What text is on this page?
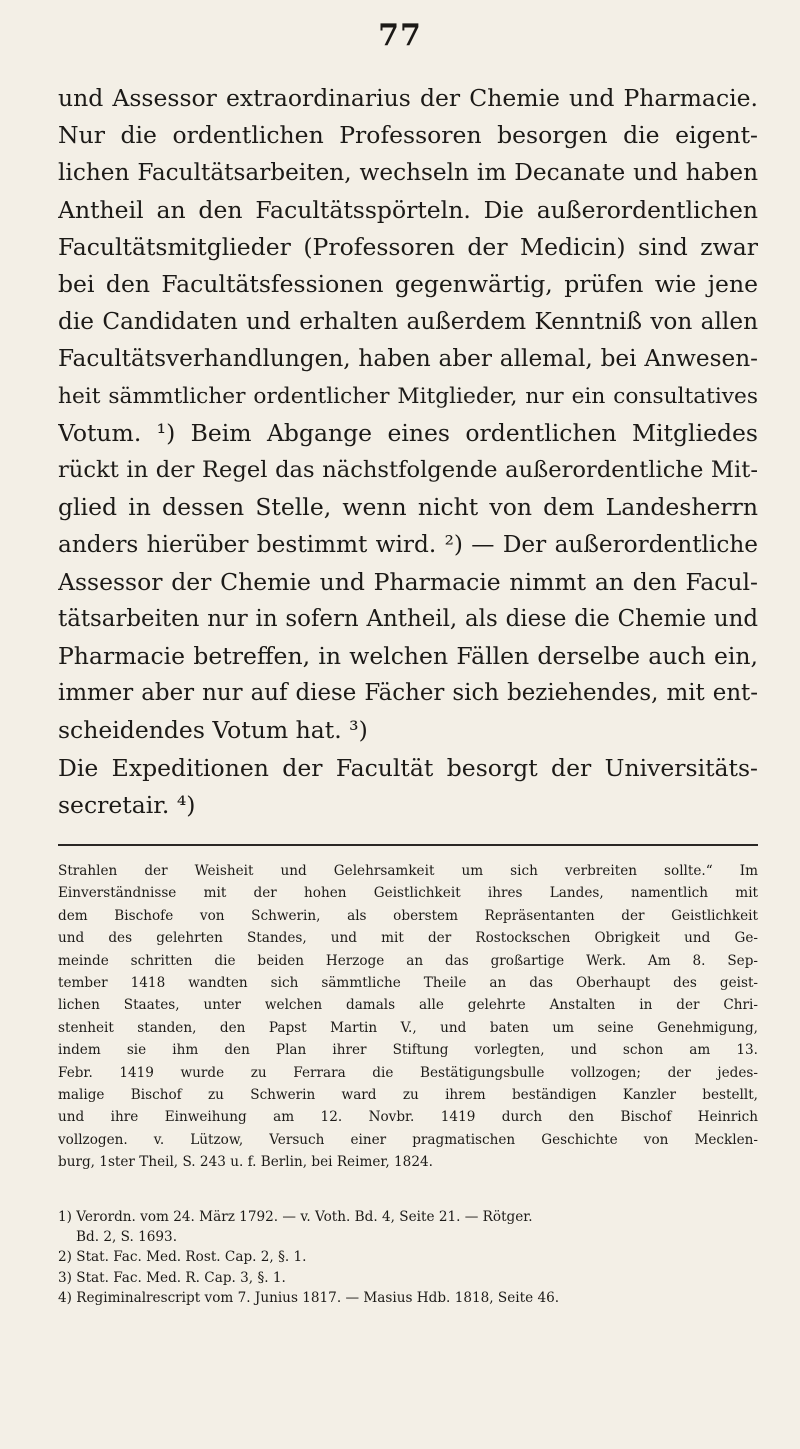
77
und Assessor extraordinarius der Chemie und Pharmacie.
Nur die ordentlichen Professoren besorgen die eigent-
lichen Facultätsarbeiten, wechseln im Decanate und haben
Antheil an den Facultätsspörteln. Die außerordentlichen
Facultätsmitglieder (Professoren der Medicin) sind zwar
bei den Facultätsfessionen gegenwärtig, prüfen wie jene
die Candidaten und erhalten außerdem Kenntniß von allen
Facultätsverhandlungen, haben aber allemal, bei Anwesen-
heit sämmtlicher ordentlicher Mitglieder, nur ein consultatives
Votum. ¹) Beim Abgange eines ordentlichen Mitgliedes
rückt in der Regel das nächstfolgende außerordentliche Mit-
glied in dessen Stelle, wenn nicht von dem Landesherrn
anders hierüber bestimmt wird. ²) — Der außerordentliche
Assessor der Chemie und Pharmacie nimmt an den Facul-
tätsarbeiten nur in sofern Antheil, als diese die Chemie und
Pharmacie betreffen, in welchen Fällen derselbe auch ein,
immer aber nur auf diese Fächer sich beziehendes, mit ent-
scheidendes Votum hat. ³)
Die Expeditionen der Facultät besorgt der Universitäts-
secretair. ⁴)
Strahlen der Weisheit und Gelehrsamkeit um sich verbreiten sollte.“ Im
Einverständnisse mit der hohen Geistlichkeit ihres Landes, namentlich mit
dem Bischofe von Schwerin, als oberstem Repräsentanten der Geistlichkeit
und des gelehrten Standes, und mit der Rostockschen Obrigkeit und Ge-
meinde schritten die beiden Herzoge an das großartige Werk. Am 8. Sep-
tember 1418 wandten sich sämmtliche Theile an das Oberhaupt des geist-
lichen Staates, unter welchen damals alle gelehrte Anstalten in der Chri-
stenheit standen, den Papst Martin V., und baten um seine Genehmigung,
indem sie ihm den Plan ihrer Stiftung vorlegten, und schon am 13.
Febr. 1419 wurde zu Ferrara die Bestätigungsbulle vollzogen; der jedes-
malige Bischof zu Schwerin ward zu ihrem beständigen Kanzler bestellt,
und ihre Einweihung am 12. Novbr. 1419 durch den Bischof Heinrich
vollzogen. v. Lützow, Versuch einer pragmatischen Geschichte von Mecklen-
burg, 1ster Theil, S. 243 u. f. Berlin, bei Reimer, 1824.
1) Verordn. vom 24. März 1792. — v. Voth. Bd. 4, Seite 21. — Rötger.
Bd. 2, S. 1693.
2) Stat. Fac. Med. Rost. Cap. 2, §. 1.
3) Stat. Fac. Med. R. Cap. 3, §. 1.
4) Regiminalrescript vom 7. Junius 1817. — Masius Hdb. 1818, Seite 46.
